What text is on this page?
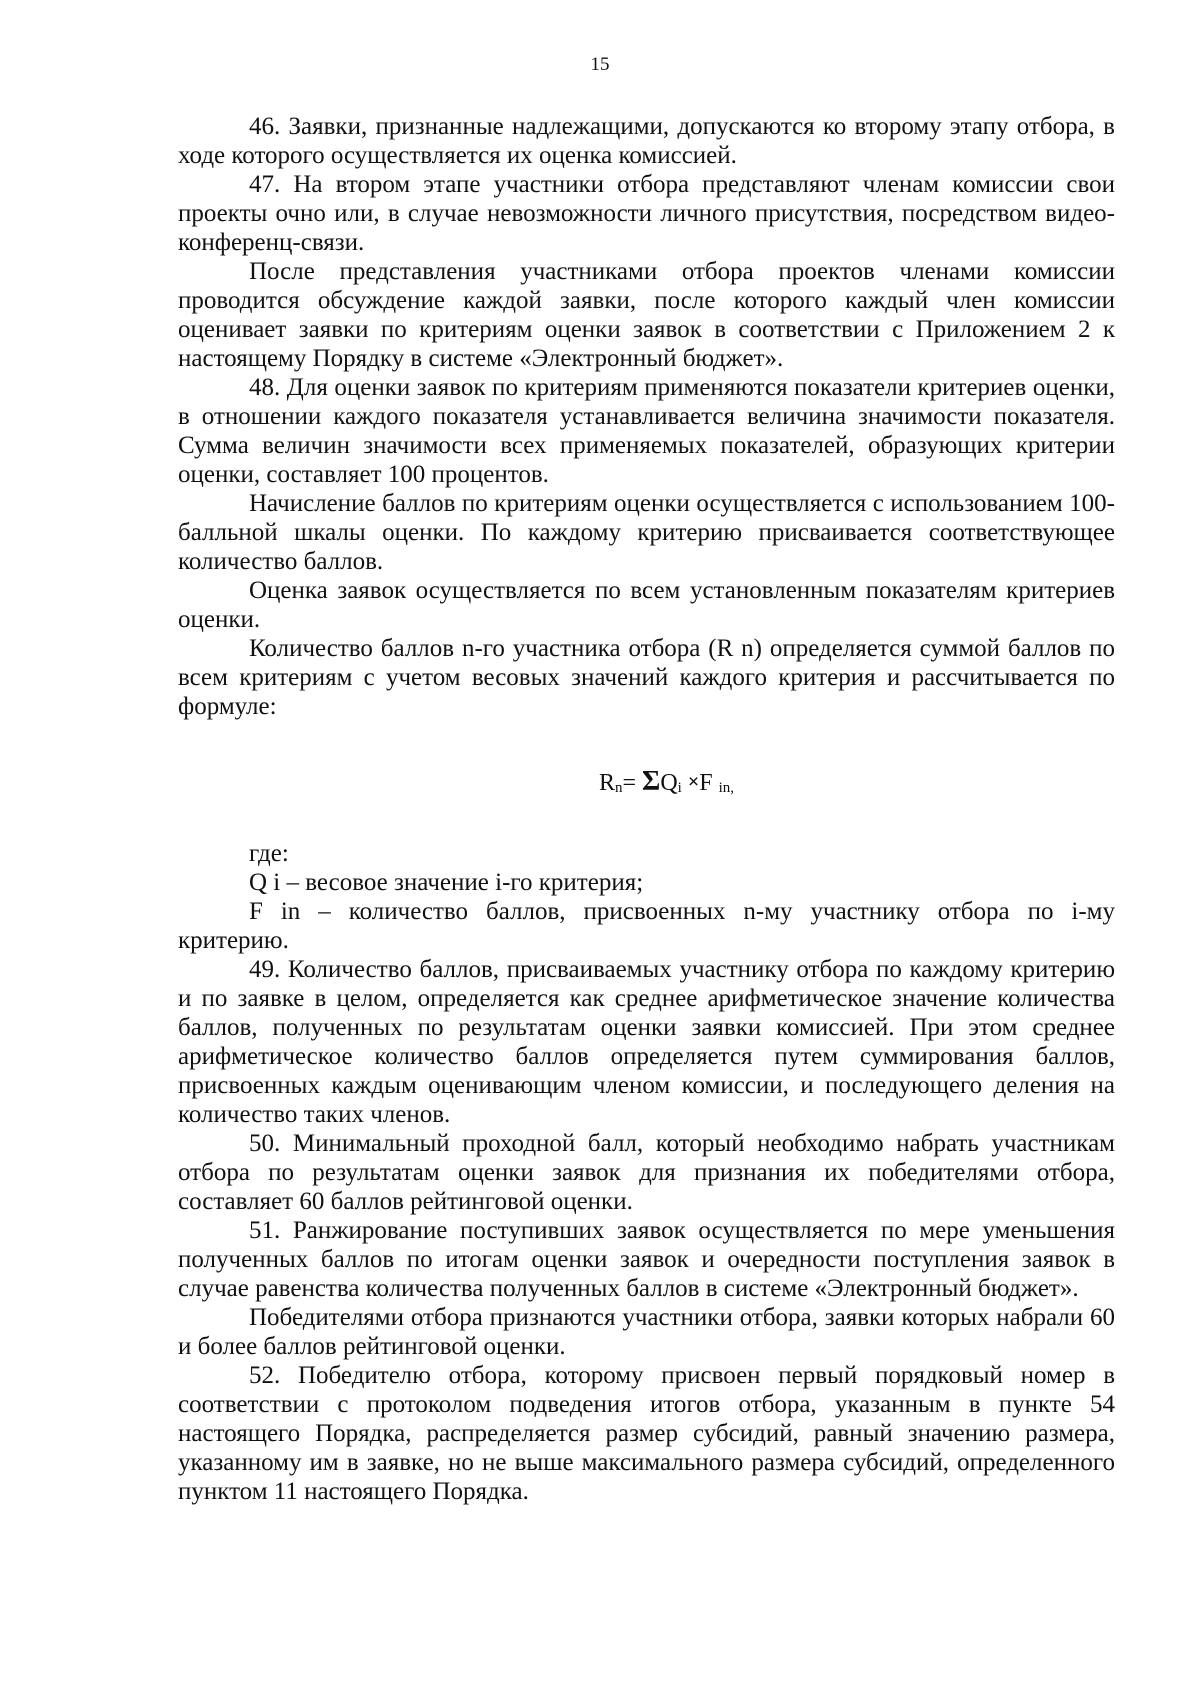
15

46. Заявки, признанные надлежащими, допускаются ко второму этапу отбора, в ходе которого осуществляется их оценка комиссией.

47. На втором этапе участники отбора представляют членам комиссии свои проекты очно или, в случае невозможности личного присутствия, посредством видео-конференц-связи.

После представления участниками отбора проектов членами комиссии проводится обсуждение каждой заявки, после которого каждый член комиссии оценивает заявки по критериям оценки заявок в соответствии с Приложением 2 к настоящему Порядку в системе «Электронный бюджет».

48. Для оценки заявок по критериям применяются показатели критериев оценки, в отношении каждого показателя устанавливается величина значимости показателя. Сумма величин значимости всех применяемых показателей, образующих критерии оценки, составляет 100 процентов.

Начисление баллов по критериям оценки осуществляется с использованием 100-балльной шкалы оценки. По каждому критерию присваивается соответствующее количество баллов.

Оценка заявок осуществляется по всем установленным показателям критериев оценки.

Количество баллов n-го участника отбора (R n) определяется суммой баллов по всем критериям с учетом весовых значений каждого критерия и рассчитывается по формуле:

Rn= ΣQi ×F in,

где:

Q i – весовое значение i-го критерия;

F in – количество баллов, присвоенных n-му участнику отбора по i-му критерию.

49. Количество баллов, присваиваемых участнику отбора по каждому критерию и по заявке в целом, определяется как среднее арифметическое значение количества баллов, полученных по результатам оценки заявки комиссией. При этом среднее арифметическое количество баллов определяется путем суммирования баллов, присвоенных каждым оценивающим членом комиссии, и последующего деления на количество таких членов.

50. Минимальный проходной балл, который необходимо набрать участникам отбора по результатам оценки заявок для признания их победителями отбора, составляет 60 баллов рейтинговой оценки.

51. Ранжирование поступивших заявок осуществляется по мере уменьшения полученных баллов по итогам оценки заявок и очередности поступления заявок в случае равенства количества полученных баллов в системе «Электронный бюджет».

Победителями отбора признаются участники отбора, заявки которых набрали 60 и более баллов рейтинговой оценки.

52. Победителю отбора, которому присвоен первый порядковый номер в соответствии с протоколом подведения итогов отбора, указанным в пункте 54 настоящего Порядка, распределяется размер субсидий, равный значению размера, указанному им в заявке, но не выше максимального размера субсидий, определенного пунктом 11 настоящего Порядка.
